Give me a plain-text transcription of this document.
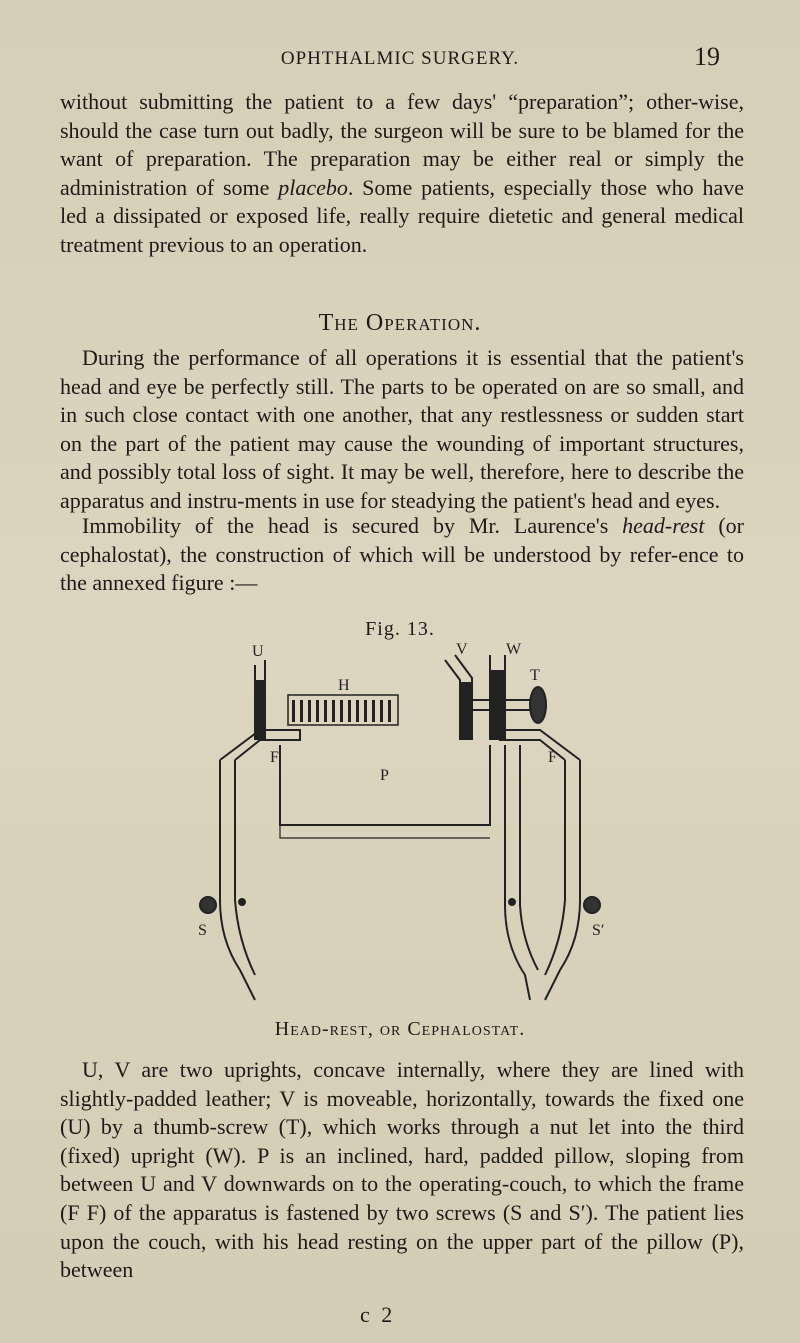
OPHTHALMIC SURGERY.	19

without submitting the patient to a few days' “preparation”; other-wise, should the case turn out badly, the surgeon will be sure to be blamed for the want of preparation. The preparation may be either real or simply the administration of some placebo. Some patients, especially those who have led a dissipated or exposed life, really require dietetic and general medical treatment previous to an operation.

The Operation.

During the performance of all operations it is essential that the patient's head and eye be perfectly still. The parts to be operated on are so small, and in such close contact with one another, that any restlessness or sudden start on the part of the patient may cause the wounding of important structures, and possibly total loss of sight. It may be well, therefore, here to describe the apparatus and instru-ments in use for steadying the patient's head and eyes.

Immobility of the head is secured by Mr. Laurence's head-rest (or cephalostat), the construction of which will be understood by refer-ence to the annexed figure :—

Fig. 13.
U	V W
H
T
F	F
P
S	S′
Head-rest, or Cephalostat.

U, V are two uprights, concave internally, where they are lined with slightly-padded leather; V is moveable, horizontally, towards the fixed one (U) by a thumb-screw (T), which works through a nut let into the third (fixed) upright (W). P is an inclined, hard, padded pillow, sloping from between U and V downwards on to the operating-couch, to which the frame (F F) of the apparatus is fastened by two screws (S and S′). The patient lies upon the couch, with his head resting on the upper part of the pillow (P), between

c 2
